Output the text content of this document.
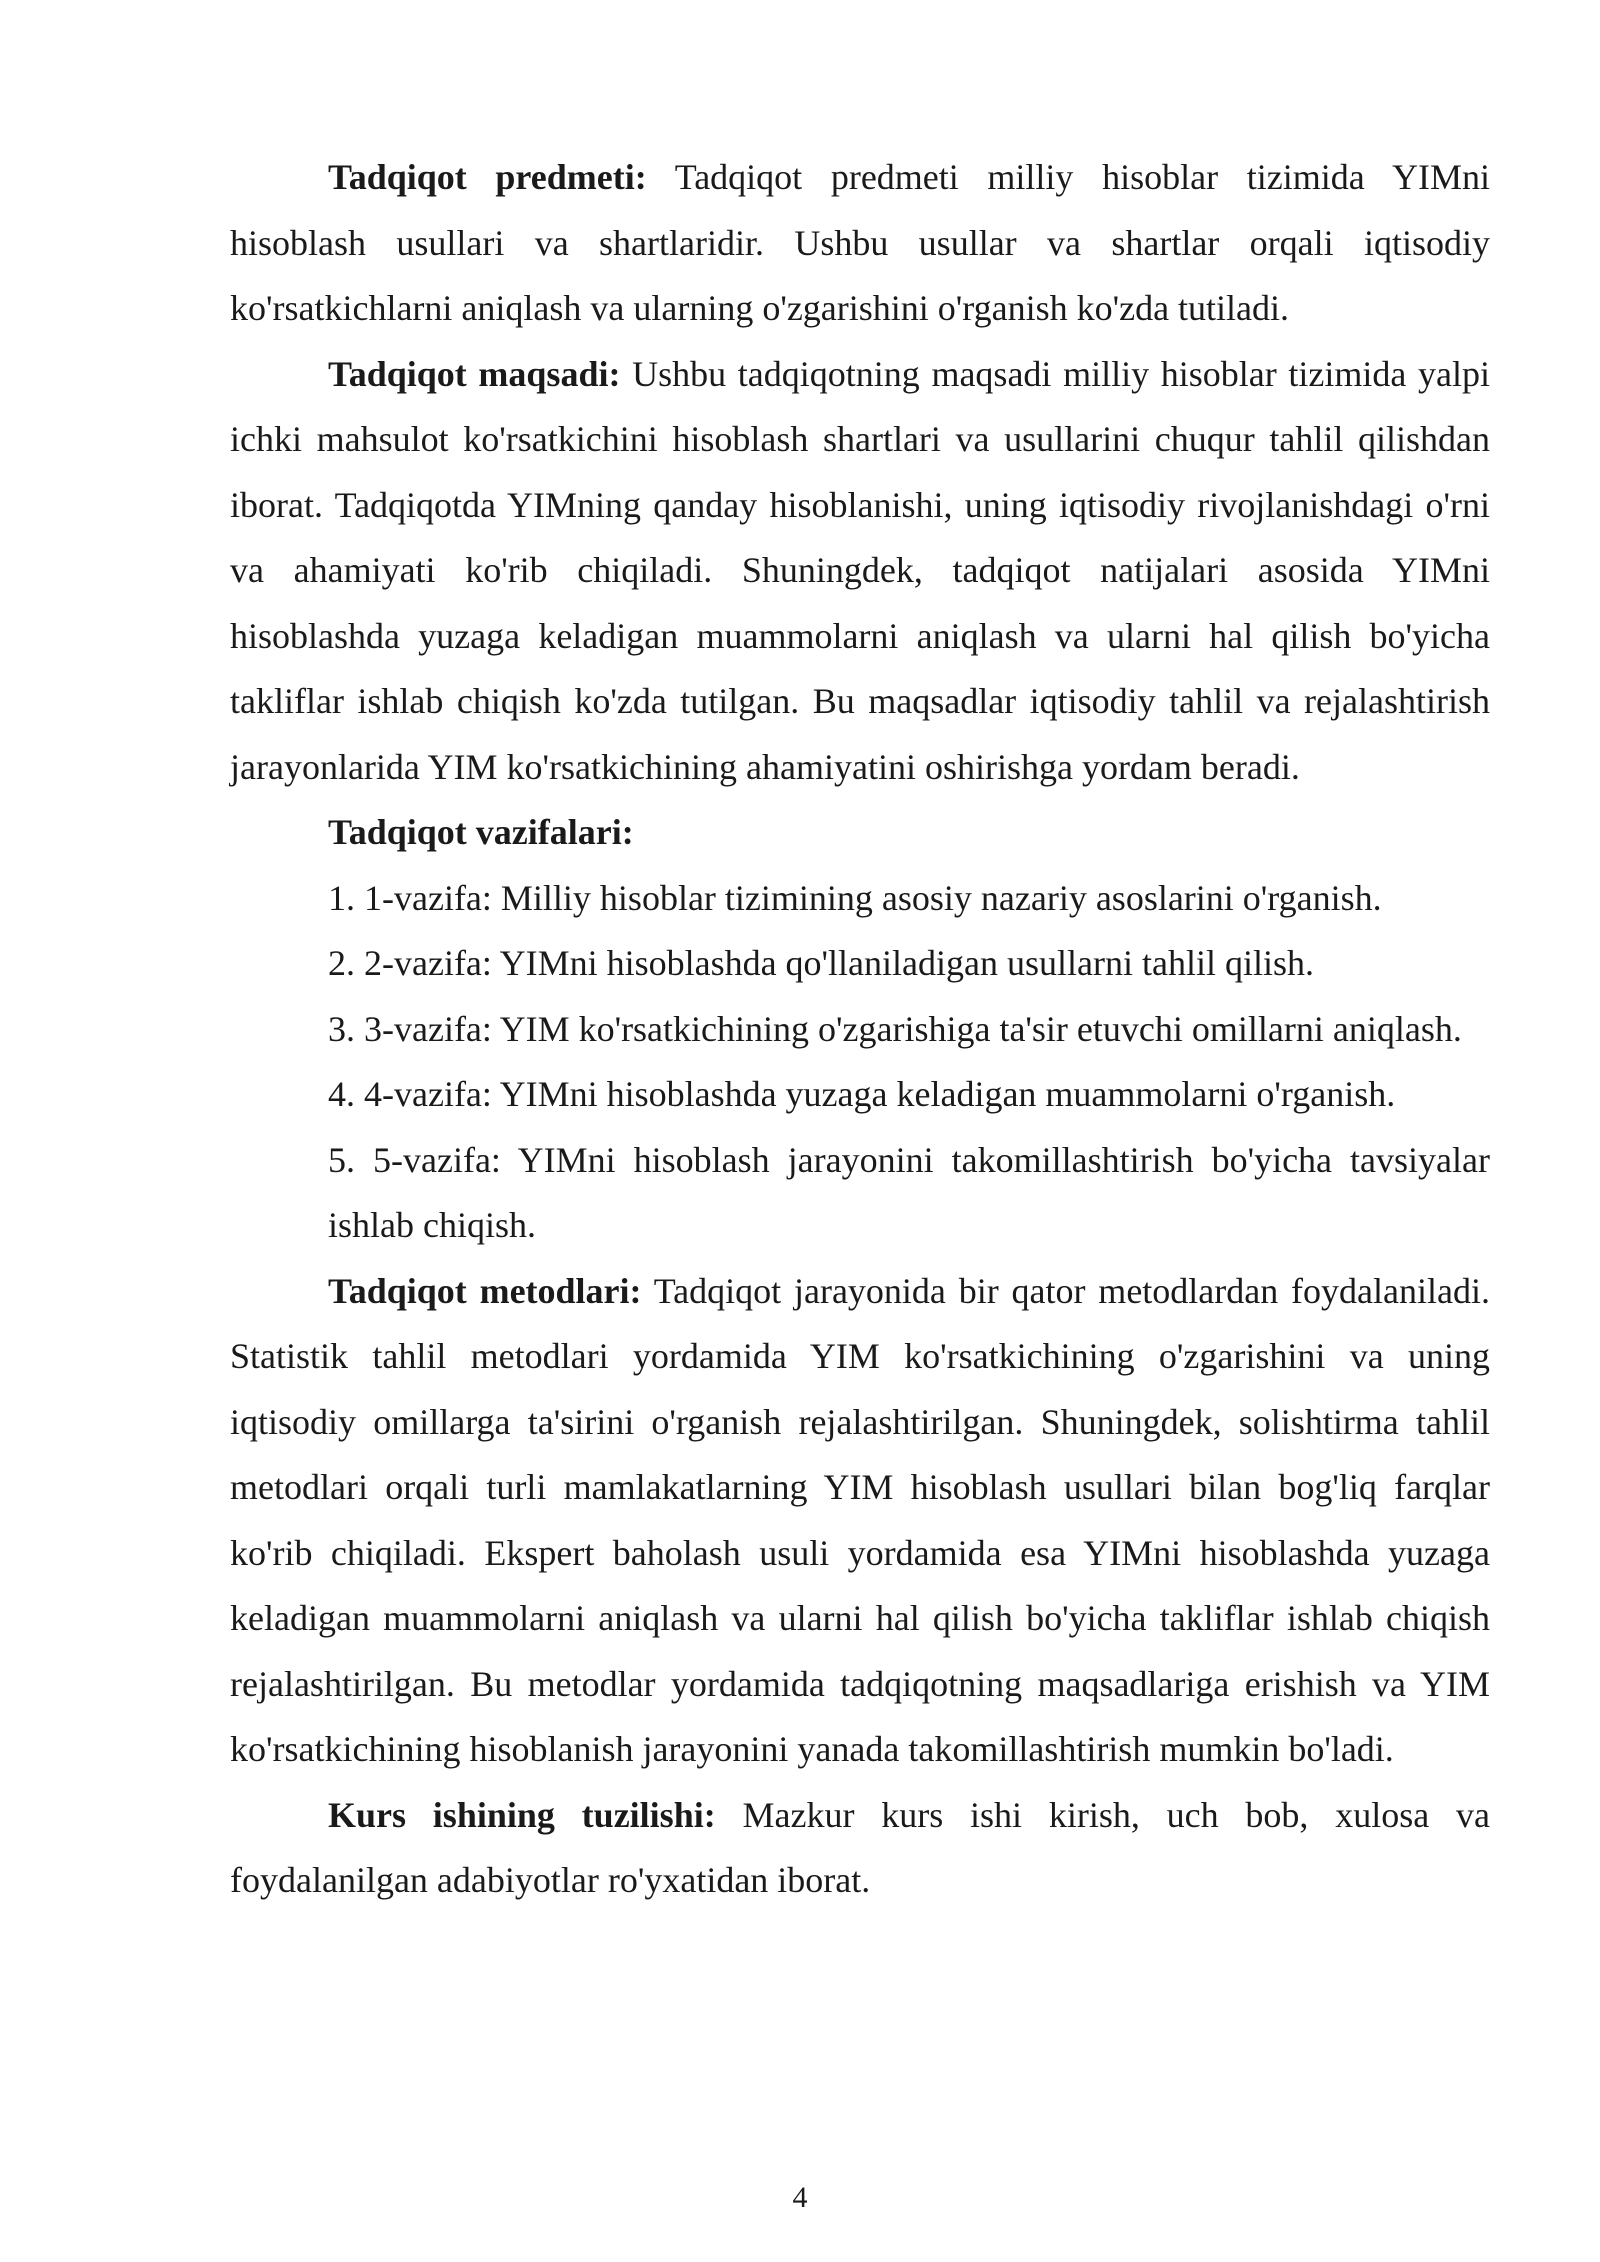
Tadqiqot predmeti: Tadqiqot predmeti milliy hisoblar tizimida YIMni hisoblash usullari va shartlaridir. Ushbu usullar va shartlar orqali iqtisodiy ko'rsatkichlarni aniqlash va ularning o'zgarishini o'rganish ko'zda tutiladi.

Tadqiqot maqsadi: Ushbu tadqiqotning maqsadi milliy hisoblar tizimida yalpi ichki mahsulot ko'rsatkichini hisoblash shartlari va usullarini chuqur tahlil qilishdan iborat. Tadqiqotda YIMning qanday hisoblanishi, uning iqtisodiy rivojlanishdagi o'rni va ahamiyati ko'rib chiqiladi. Shuningdek, tadqiqot natijalari asosida YIMni hisoblashda yuzaga keladigan muammolarni aniqlash va ularni hal qilish bo'yicha takliflar ishlab chiqish ko'zda tutilgan. Bu maqsadlar iqtisodiy tahlil va rejalashtirish jarayonlarida YIM ko'rsatkichining ahamiyatini oshirishga yordam beradi.

Tadqiqot vazifalari:

1. 1-vazifa: Milliy hisoblar tizimining asosiy nazariy asoslarini o'rganish.

2. 2-vazifa: YIMni hisoblashda qo'llaniladigan usullarni tahlil qilish.

3. 3-vazifa: YIM ko'rsatkichining o'zgarishiga ta'sir etuvchi omillarni aniqlash.

4. 4-vazifa: YIMni hisoblashda yuzaga keladigan muammolarni o'rganish.

5. 5-vazifa: YIMni hisoblash jarayonini takomillashtirish bo'yicha tavsiyalar ishlab chiqish.

Tadqiqot metodlari: Tadqiqot jarayonida bir qator metodlardan foydalaniladi. Statistik tahlil metodlari yordamida YIM ko'rsatkichining o'zgarishini va uning iqtisodiy omillarga ta'sirini o'rganish rejalashtirilgan. Shuningdek, solishtirma tahlil metodlari orqali turli mamlakatlarning YIM hisoblash usullari bilan bog'liq farqlar ko'rib chiqiladi. Ekspert baholash usuli yordamida esa YIMni hisoblashda yuzaga keladigan muammolarni aniqlash va ularni hal qilish bo'yicha takliflar ishlab chiqish rejalashtirilgan. Bu metodlar yordamida tadqiqotning maqsadlariga erishish va YIM ko'rsatkichining hisoblanish jarayonini yanada takomillashtirish mumkin bo'ladi.

Kurs ishining tuzilishi: Mazkur kurs ishi kirish, uch bob, xulosa va foydalanilgan adabiyotlar ro'yxatidan iborat.

4
